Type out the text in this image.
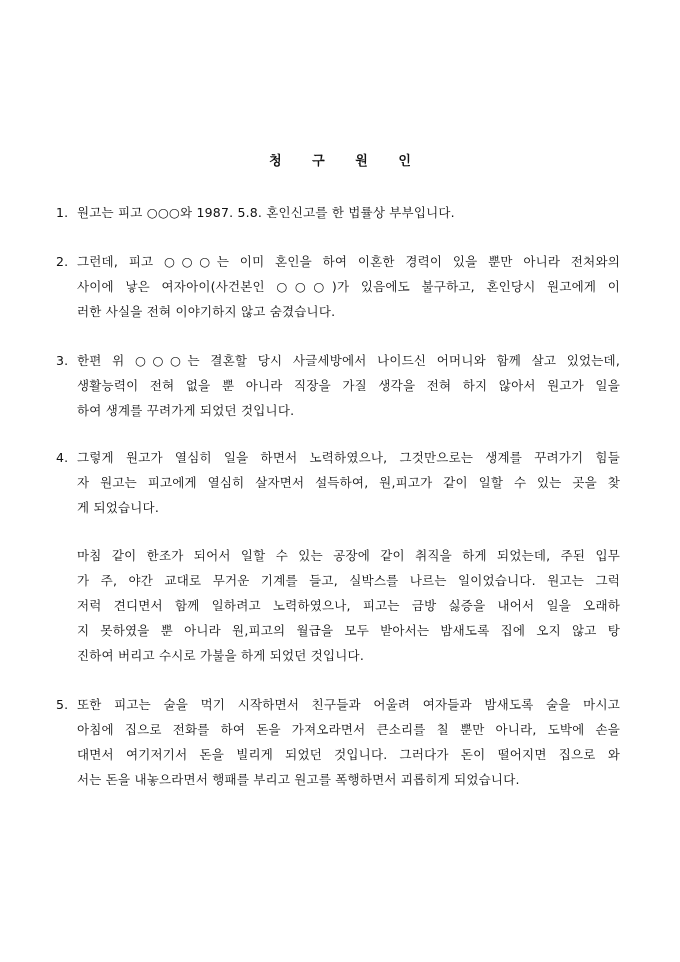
청 구 원 인
1. 원고는 피고 ○○○와 1987. 5.8. 혼인신고를 한 법률상 부부입니다.
2. 그런데, 피고 ○○○는 이미 혼인을 하여 이혼한 경력이 있을 뿐만 아니라 전처와의
사이에 낳은 여자아이(사건본인 ○○○)가 있음에도 불구하고, 혼인당시 원고에게 이
러한 사실을 전혀 이야기하지 않고 숨겼습니다.
3. 한편 위 ○○○는 결혼할 당시 사글세방에서 나이드신 어머니와 함께 살고 있었는데,
생활능력이 전혀 없을 뿐 아니라 직장을 가질 생각을 전혀 하지 않아서 원고가 일을
하여 생계를 꾸려가게 되었던 것입니다.
4. 그렇게 원고가 열심히 일을 하면서 노력하였으나, 그것만으로는 생계를 꾸려가기 힘들
자 원고는 피고에게 열심히 살자면서 설득하여, 원,피고가 같이 일할 수 있는 곳을 찾
게 되었습니다.
마침 같이 한조가 되어서 일할 수 있는 공장에 같이 취직을 하게 되었는데, 주된 입무
가 주, 야간 교대로 무거운 기계를 들고, 실박스를 나르는 일이었습니다. 원고는 그럭
저럭 견디면서 함께 일하려고 노력하였으나, 피고는 금방 싫증을 내어서 일을 오래하
지 못하였을 뿐 아니라 원,피고의 월급을 모두 받아서는 밤새도록 집에 오지 않고 탕
진하여 버리고 수시로 가불을 하게 되었던 것입니다.
5. 또한 피고는 술을 먹기 시작하면서 친구들과 어울려 여자들과 밤새도록 술을 마시고
아침에 집으로 전화를 하여 돈을 가져오라면서 큰소리를 칠 뿐만 아니라, 도박에 손을
대면서 여기저기서 돈을 빌리게 되었던 것입니다. 그러다가 돈이 떨어지면 집으로 와
서는 돈을 내놓으라면서 행패를 부리고 원고를 폭행하면서 괴롭히게 되었습니다.
